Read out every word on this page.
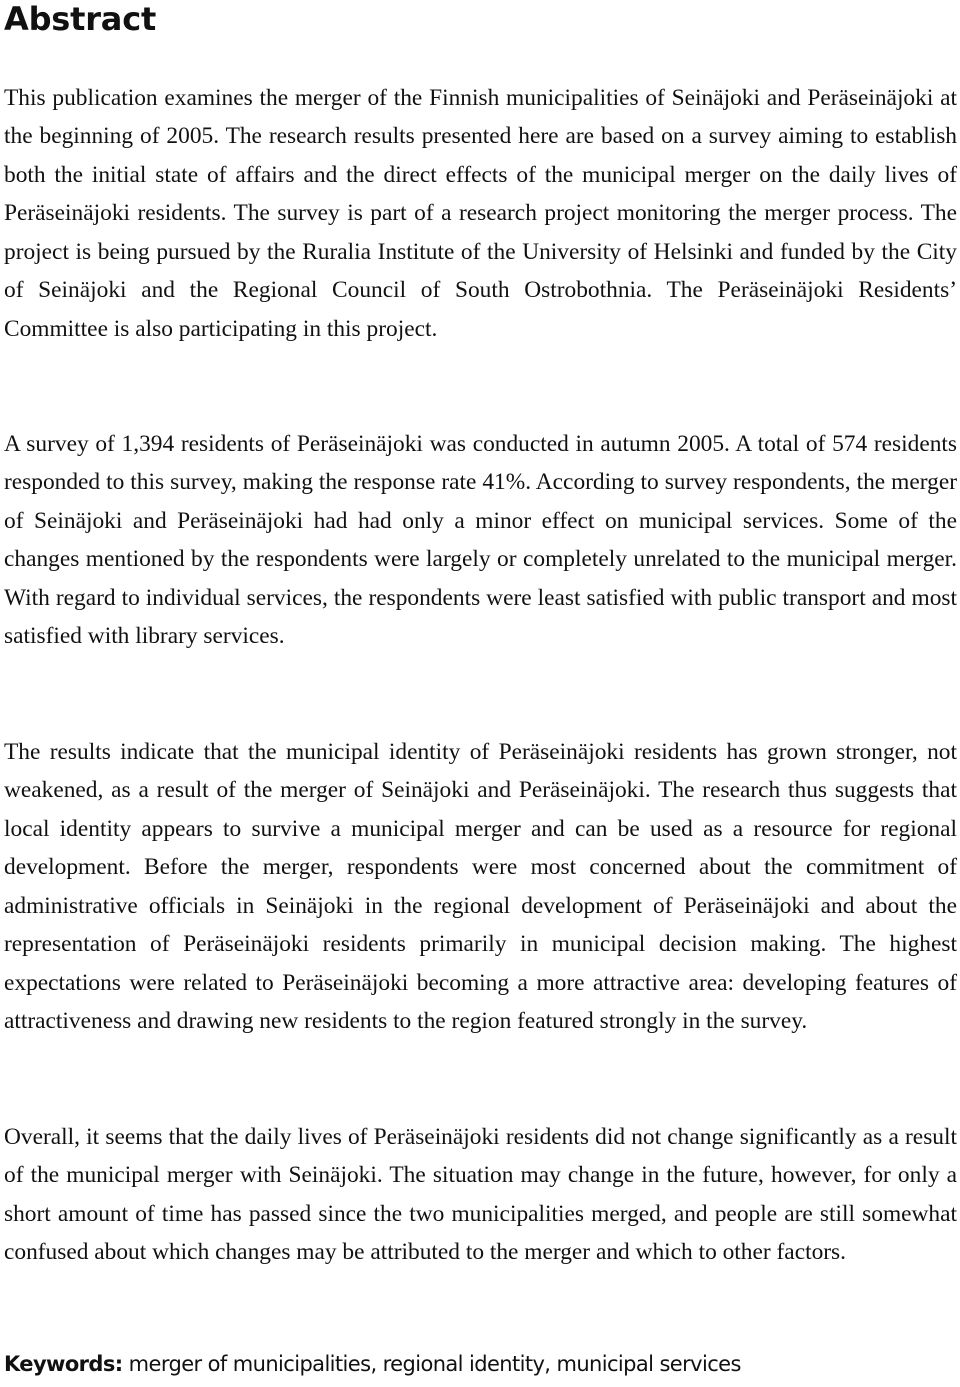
Abstract

This publication examines the merger of the Finnish municipalities of Seinäjoki and Peräseinäjoki at the beginning of 2005. The research results presented here are based on a survey aiming to establish both the initial state of affairs and the direct effects of the municipal merger on the daily lives of Peräseinäjoki residents. The survey is part of a research project monitoring the merger process. The project is being pursued by the Ruralia Institute of the University of Helsinki and funded by the City of Seinäjoki and the Regional Council of South Ostrobothnia. The Peräseinäjoki Residents’ Committee is also participating in this project.

A survey of 1,394 residents of Peräseinäjoki was conducted in autumn 2005. A total of 574 residents responded to this survey, making the response rate 41%. According to survey respondents, the merger of Seinäjoki and Peräseinäjoki had had only a minor effect on municipal services. Some of the changes mentioned by the respondents were largely or completely unrelated to the municipal merger. With regard to individual services, the respondents were least satisfied with public transport and most satisfied with library services.

The results indicate that the municipal identity of Peräseinäjoki residents has grown stronger, not weakened, as a result of the merger of Seinäjoki and Peräseinäjoki. The research thus suggests that local identity appears to survive a municipal merger and can be used as a resource for regional development. Before the merger, respondents were most concerned about the commitment of administrative officials in Seinäjoki in the regional development of Peräseinäjoki and about the representation of Peräseinäjoki residents primarily in municipal decision making. The highest expectations were related to Peräseinäjoki becoming a more attractive area: developing features of attractiveness and drawing new residents to the region featured strongly in the survey.

Overall, it seems that the daily lives of Peräseinäjoki residents did not change significantly as a result of the municipal merger with Seinäjoki. The situation may change in the future, however, for only a short amount of time has passed since the two municipalities merged, and people are still somewhat confused about which changes may be attributed to the merger and which to other factors.

Keywords: merger of municipalities, regional identity, municipal services
